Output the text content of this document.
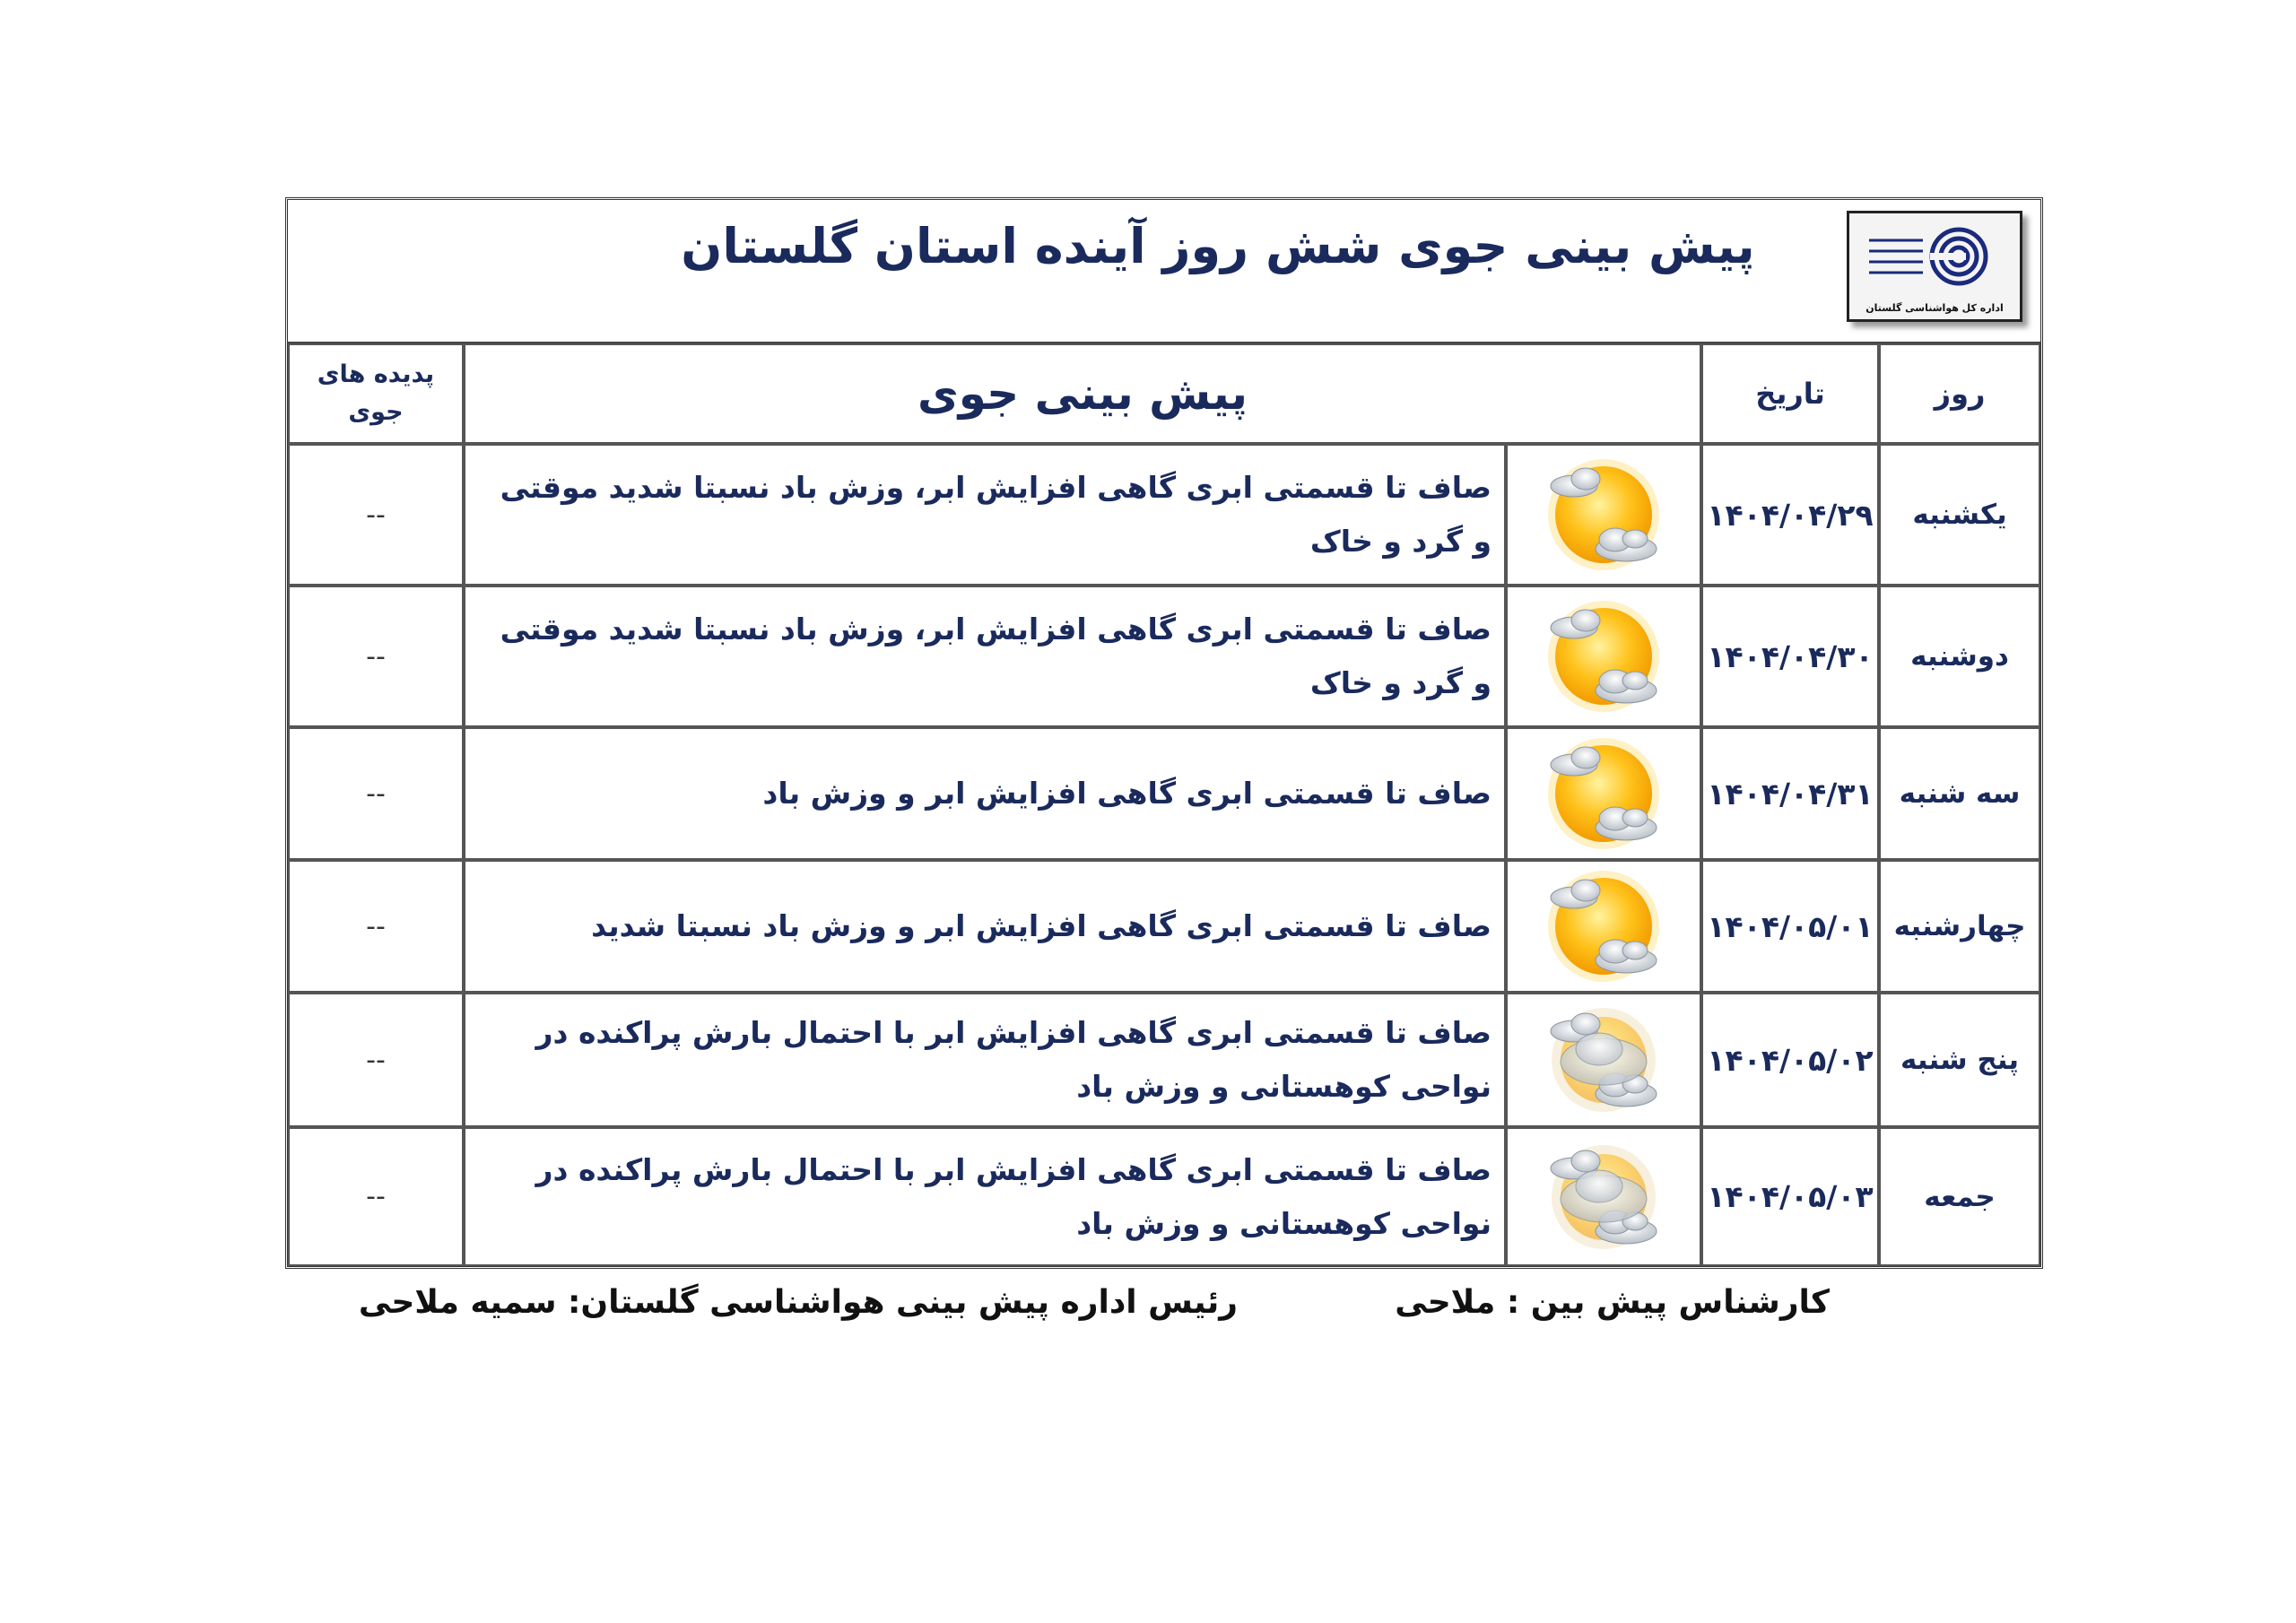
پیش بینی جوی شش روز آینده استان گلستان
اداره کل هواشناسی گلستان
روز	تاریخ	پیش بینی جوی		پدیده های
جوی

یکشنبه	۱۴۰۴/۰۴/۲۹		صاف تا قسمتی ابری گاهی افزایش ابر، وزش باد نسبتا شدید موقتی و گرد و خاک	--
دوشنبه	۱۴۰۴/۰۴/۳۰		صاف تا قسمتی ابری گاهی افزایش ابر، وزش باد نسبتا شدید موقتی و گرد و خاک	--
سه شنبه	۱۴۰۴/۰۴/۳۱		صاف تا قسمتی ابری گاهی افزایش ابر و وزش باد	--
چهارشنبه	۱۴۰۴/۰۵/۰۱		صاف تا قسمتی ابری گاهی افزایش ابر و وزش باد نسبتا شدید	--
پنج شنبه	۱۴۰۴/۰۵/۰۲		صاف تا قسمتی ابری گاهی افزایش ابر با احتمال بارش پراکنده در نواحی کوهستانی و وزش باد	--
جمعه	۱۴۰۴/۰۵/۰۳		صاف تا قسمتی ابری گاهی افزایش ابر با احتمال بارش پراکنده در نواحی کوهستانی و وزش باد	--
کارشناس پیش بین : ملاحی
رئیس اداره پیش بینی هواشناسی گلستان: سمیه ملاحی
